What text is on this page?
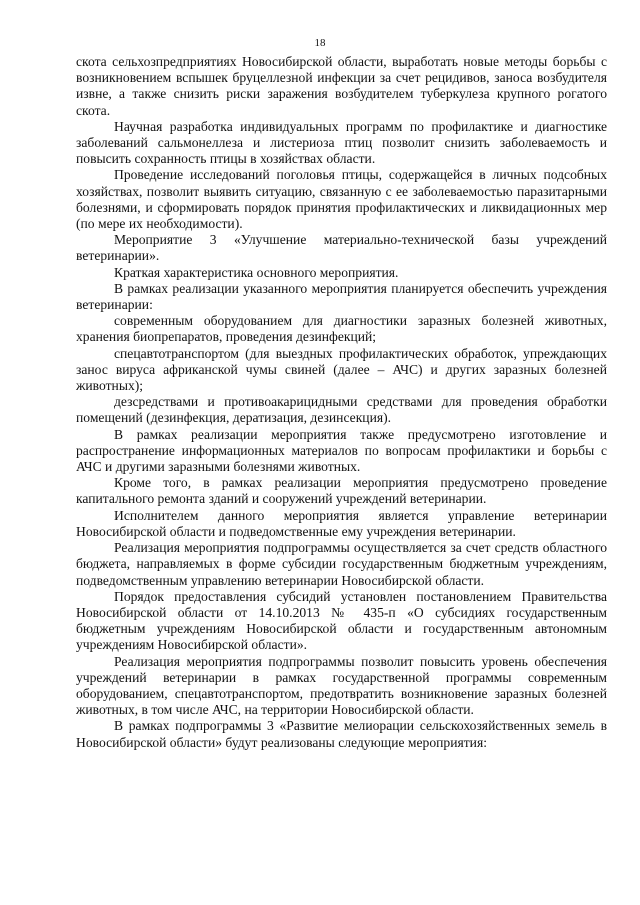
18

скота сельхозпредприятиях Новосибирской области, выработать новые методы борьбы с возникновением вспышек бруцеллезной инфекции за счет рецидивов, заноса возбудителя извне, а также снизить риски заражения возбудителем туберкулеза крупного рогатого скота.

Научная разработка индивидуальных программ по профилактике и диагностике заболеваний сальмонеллеза и листериоза птиц позволит снизить заболеваемость и повысить сохранность птицы в хозяйствах области.

Проведение исследований поголовья птицы, содержащейся в личных подсобных хозяйствах, позволит выявить ситуацию, связанную с ее заболеваемостью паразитарными болезнями, и сформировать порядок принятия профилактических и ликвидационных мер (по мере их необходимости).

Мероприятие 3 «Улучшение материально-технической базы учреждений ветеринарии».

Краткая характеристика основного мероприятия.

В рамках реализации указанного мероприятия планируется обеспечить учреждения ветеринарии:

современным оборудованием для диагностики заразных болезней животных, хранения биопрепаратов, проведения дезинфекций;

спецавтотранспортом (для выездных профилактических обработок, упреждающих занос вируса африканской чумы свиней (далее – АЧС) и других заразных болезней животных);

дезсредствами и противоакарицидными средствами для проведения обработки помещений (дезинфекция, дератизация, дезинсекция).

В рамках реализации мероприятия также предусмотрено изготовление и распространение информационных материалов по вопросам профилактики и борьбы с АЧС и другими заразными болезнями животных.

Кроме того, в рамках реализации мероприятия предусмотрено проведение капитального ремонта зданий и сооружений учреждений ветеринарии.

Исполнителем данного мероприятия является управление ветеринарии Новосибирской области и подведомственные ему учреждения ветеринарии.

Реализация мероприятия подпрограммы осуществляется за счет средств областного бюджета, направляемых в форме субсидии государственным бюджетным учреждениям, подведомственным управлению ветеринарии Новосибирской области.

Порядок предоставления субсидий установлен постановлением Правительства Новосибирской области от 14.10.2013 № 435-п «О субсидиях государственным бюджетным учреждениям Новосибирской области и государственным автономным учреждениям Новосибирской области».

Реализация мероприятия подпрограммы позволит повысить уровень обеспечения учреждений ветеринарии в рамках государственной программы современным оборудованием, спецавтотранспортом, предотвратить возникновение заразных болезней животных, в том числе АЧС, на территории Новосибирской области.

В рамках подпрограммы 3 «Развитие мелиорации сельскохозяйственных земель в Новосибирской области» будут реализованы следующие мероприятия:
